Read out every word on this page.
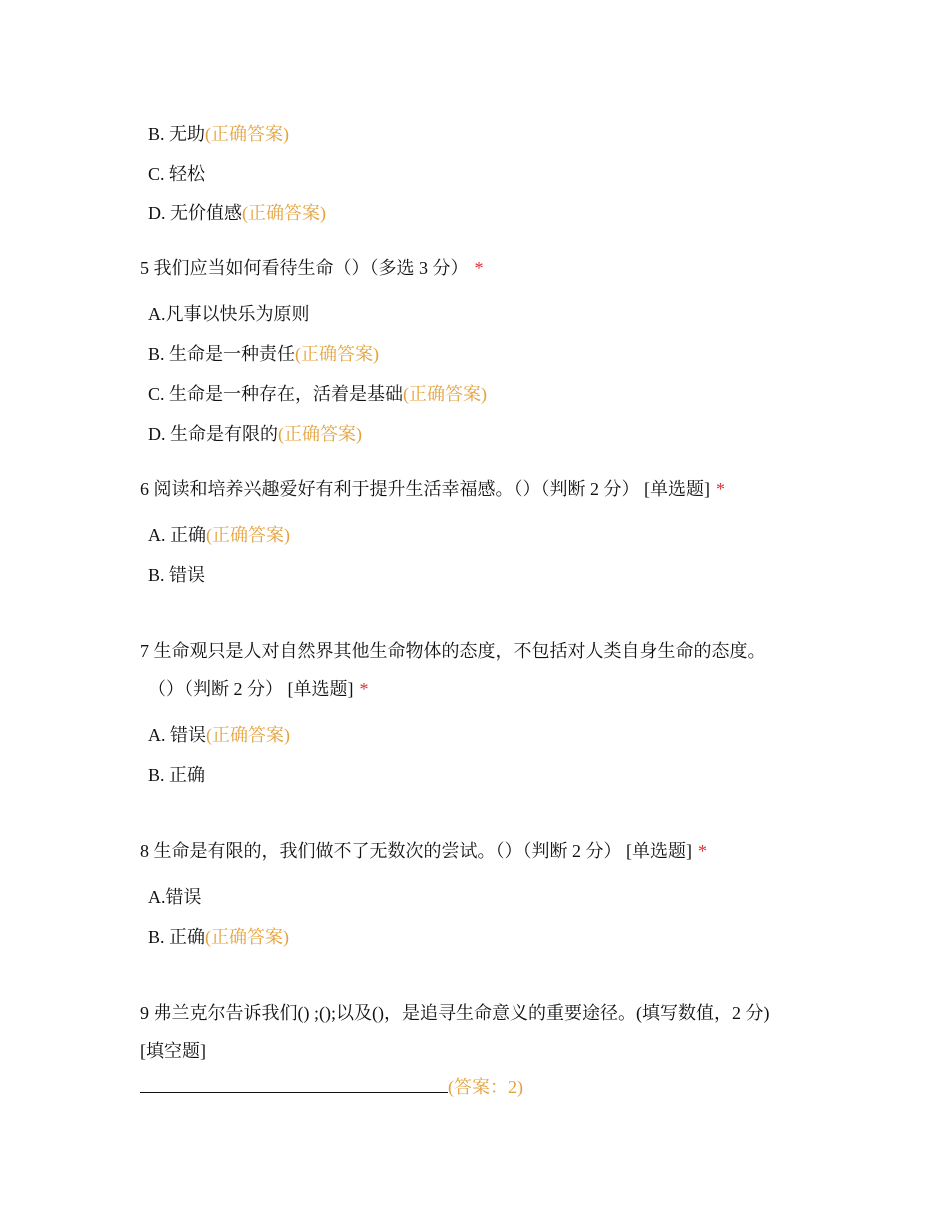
B. 无助(正确答案)
C. 轻松
D. 无价值感(正确答案)
5 我们应当如何看待生命（）（多选 3 分） *
A.凡事以快乐为原则
B. 生命是一种责任(正确答案)
C. 生命是一种存在，活着是基础(正确答案)
D. 生命是有限的(正确答案)
6 阅读和培养兴趣爱好有利于提升生活幸福感。（）（判断 2 分） [单选题] *
A. 正确(正确答案)
B. 错误
7 生命观只是人对自然界其他生命物体的态度，不包括对人类自身生命的态度。
（）（判断 2 分） [单选题] *
A. 错误(正确答案)
B. 正确
8 生命是有限的，我们做不了无数次的尝试。（）（判断 2 分） [单选题] *
A.错误
B. 正确(正确答案)
9 弗兰克尔告诉我们() ;();以及()，是追寻生命意义的重要途径。(填写数值，2 分)
[填空题]
(答案：2)
